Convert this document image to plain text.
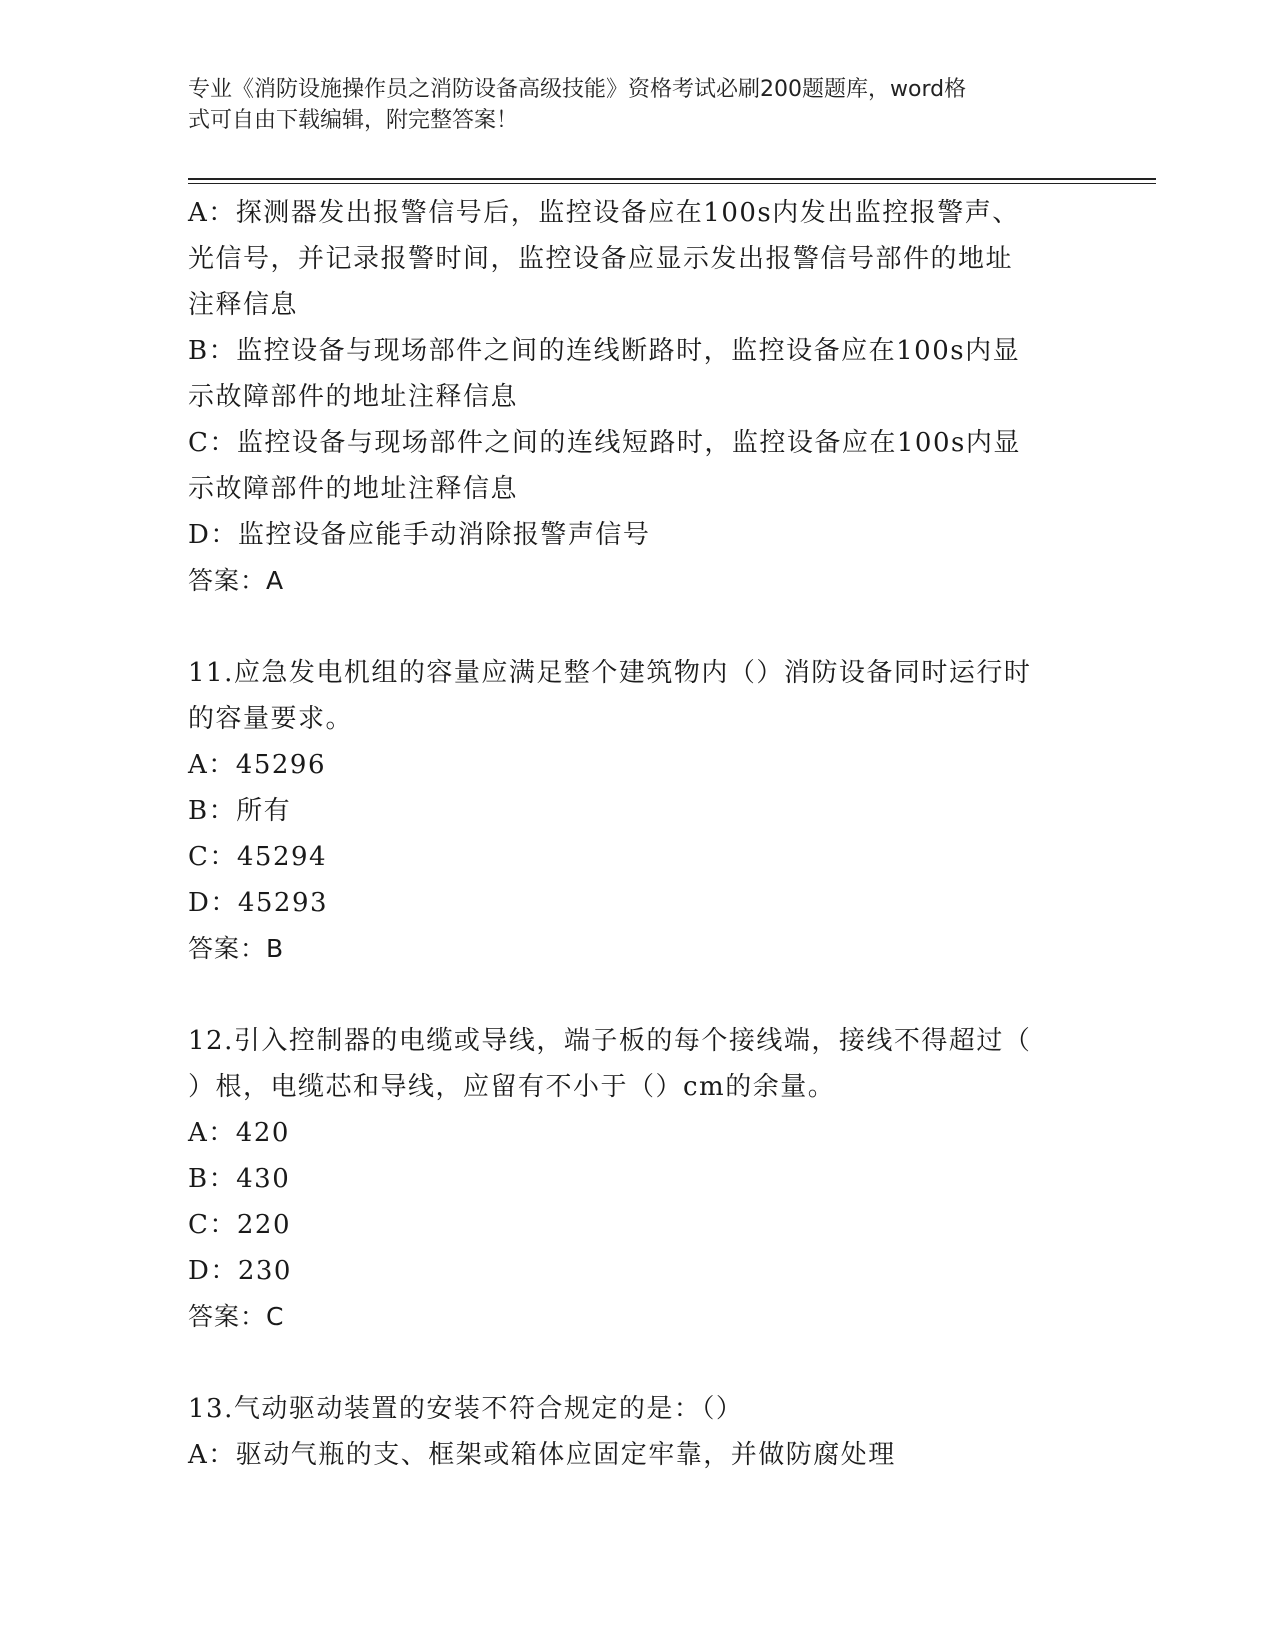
专业《消防设施操作员之消防设备高级技能》资格考试必刷200题题库，word格
式可自由下载编辑，附完整答案！
A：探测器发出报警信号后，监控设备应在100s内发出监控报警声、
光信号，并记录报警时间，监控设备应显示发出报警信号部件的地址
注释信息
B：监控设备与现场部件之间的连线断路时，监控设备应在100s内显
示故障部件的地址注释信息
C：监控设备与现场部件之间的连线短路时，监控设备应在100s内显
示故障部件的地址注释信息
D：监控设备应能手动消除报警声信号
答案：A
11.应急发电机组的容量应满足整个建筑物内（）消防设备同时运行时
的容量要求。
A：45296
B：所有
C：45294
D：45293
答案：B
12.引入控制器的电缆或导线，端子板的每个接线端，接线不得超过（
）根，电缆芯和导线，应留有不小于（）cm的余量。
A：420
B：430
C：220
D：230
答案：C
13.气动驱动装置的安装不符合规定的是：（）
A：驱动气瓶的支、框架或箱体应固定牢靠，并做防腐处理
